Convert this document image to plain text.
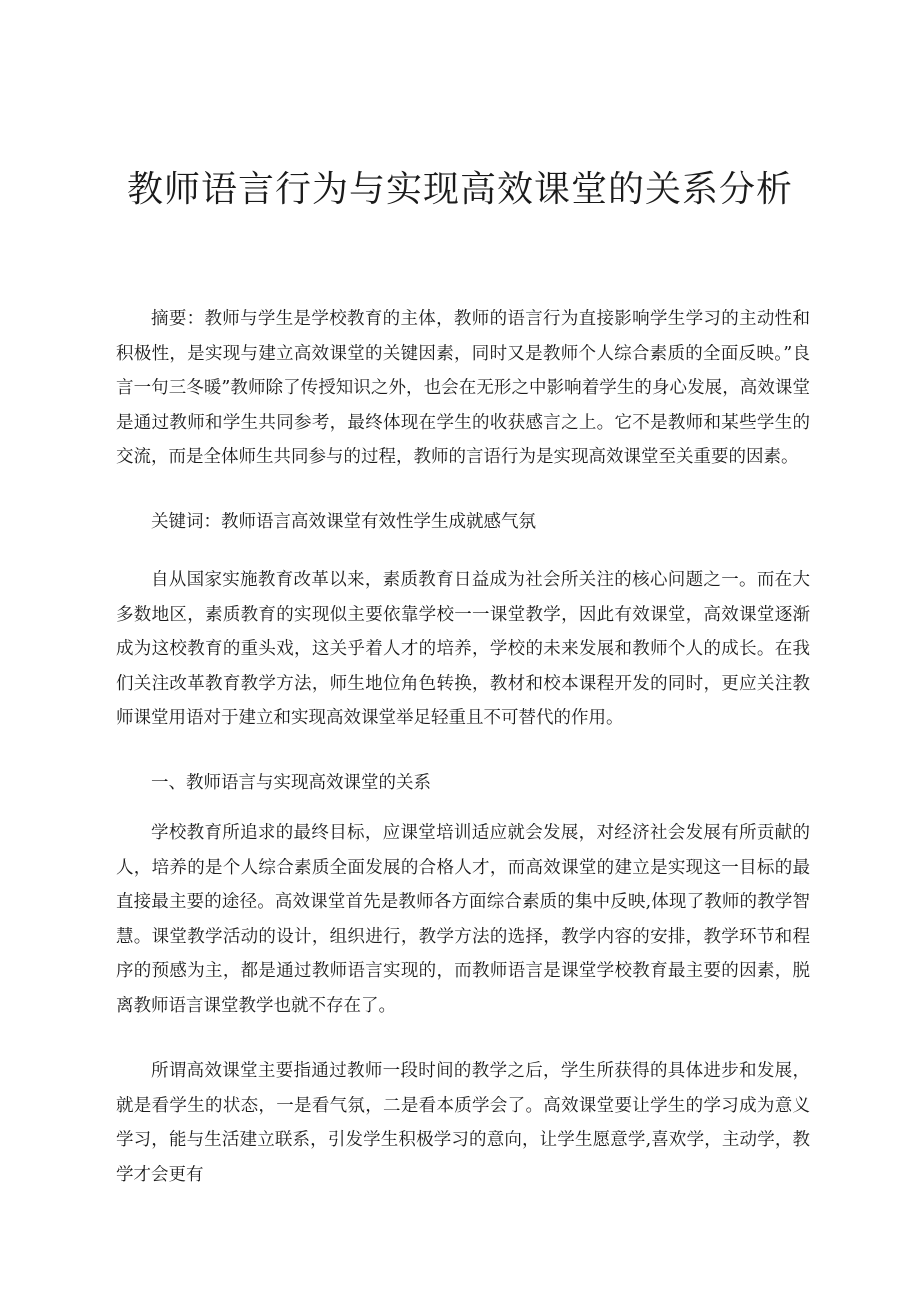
教师语言行为与实现高效课堂的关系分析

摘要：教师与学生是学校教育的主体，教师的语言行为直接影响学生学习的主动性和积极性，是实现与建立高效课堂的关键因素，同时又是教师个人综合素质的全面反映。”良言一句三冬暖”教师除了传授知识之外，也会在无形之中影响着学生的身心发展，高效课堂是通过教师和学生共同参考，最终体现在学生的收获感言之上。它不是教师和某些学生的交流，而是全体师生共同参与的过程，教师的言语行为是实现高效课堂至关重要的因素。

关键词：教师语言高效课堂有效性学生成就感气氛

自从国家实施教育改革以来，素质教育日益成为社会所关注的核心问题之一。而在大多数地区，素质教育的实现似主要依靠学校一一课堂教学，因此有效课堂，高效课堂逐渐成为这校教育的重头戏，这关乎着人才的培养，学校的未来发展和教师个人的成长。在我们关注改革教育教学方法，师生地位角色转换，教材和校本课程开发的同时，更应关注教师课堂用语对于建立和实现高效课堂举足轻重且不可替代的作用。

一、教师语言与实现高效课堂的关系

学校教育所追求的最终目标，应课堂培训适应就会发展，对经济社会发展有所贡献的人，培养的是个人综合素质全面发展的合格人才，而高效课堂的建立是实现这一目标的最直接最主要的途径。高效课堂首先是教师各方面综合素质的集中反映,体现了教师的教学智慧。课堂教学活动的设计，组织进行，教学方法的选择，教学内容的安排，教学环节和程序的预感为主，都是通过教师语言实现的，而教师语言是课堂学校教育最主要的因素，脱离教师语言课堂教学也就不存在了。

所谓高效课堂主要指通过教师一段时间的教学之后，学生所获得的具体进步和发展，就是看学生的状态，一是看气氛，二是看本质学会了。高效课堂要让学生的学习成为意义学习，能与生活建立联系，引发学生积极学习的意向，让学生愿意学,喜欢学，主动学，教学才会更有
